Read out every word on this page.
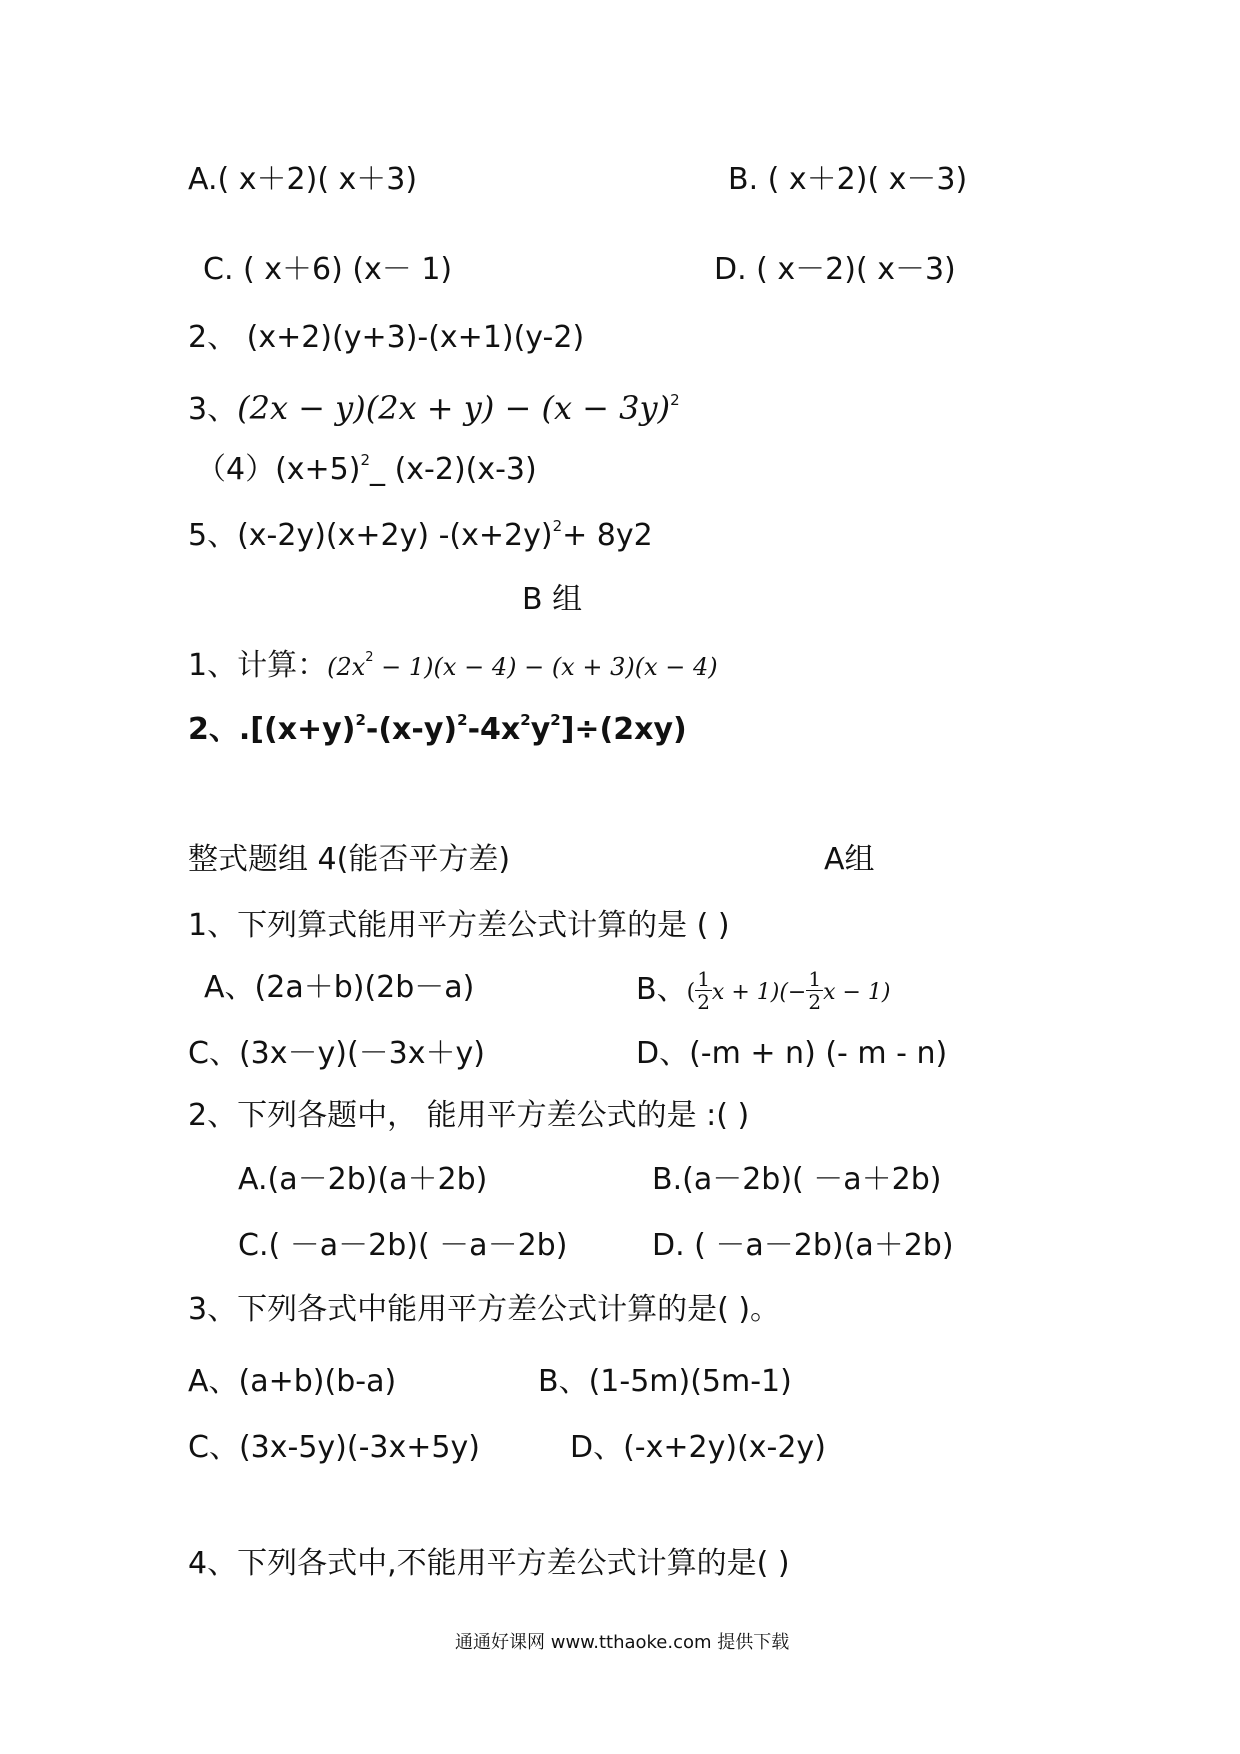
A.( x＋2)( x＋3)	B. ( x＋2)( x－3)
C. ( x＋6) (x－ 1)	D. ( x－2)( x－3)
2、 (x+2)(y+3)-(x+1)(y-2)
3、$(2x - y)(2x + y) - (x - 3y)^2$
$(4)(x+5)^2\_$ (x-2)(x-3)
5、(x-2y)(x+2y) $-(x+2y)^2+ 8y2$
B 组
1、计算：$(2x^2 - 1)(x - 4) - (x + 3)(x - 4)$
2、$.[(x+y)^2-(x-y)^2-4x^2y^2]\div(2xy)$
整式题组 4(能否平方差)	A组
1、下列算式能用平方差公式计算的是 ( )
A、(2a＋b)(2b－a)	B、( $\frac{1}{2}$ $x + 1)(- \frac{1}{2}$ x − 1)
C、(3x－y)(－3x＋y)	D、(-m + n) (- m - n)
2、下列各题中， 能用平方差公式的是 :( )
A.(a－2b)(a＋2b)	B.(a－2b)( －a＋2b)
C.( －a－2b)( －a－2b)	D. ( －a－2b)(a＋2b)
3、下列各式中能用平方差公式计算的是( )。
A、(a+b)(b-a)	B、(1-5m)(5m-1)
C、(3x-5y)(-3x+5y)	D、(-x+2y)(x-2y)
4、下列各式中,不能用平方差公式计算的是( )
通通好课网 www.tthaoke.com 提供下载
